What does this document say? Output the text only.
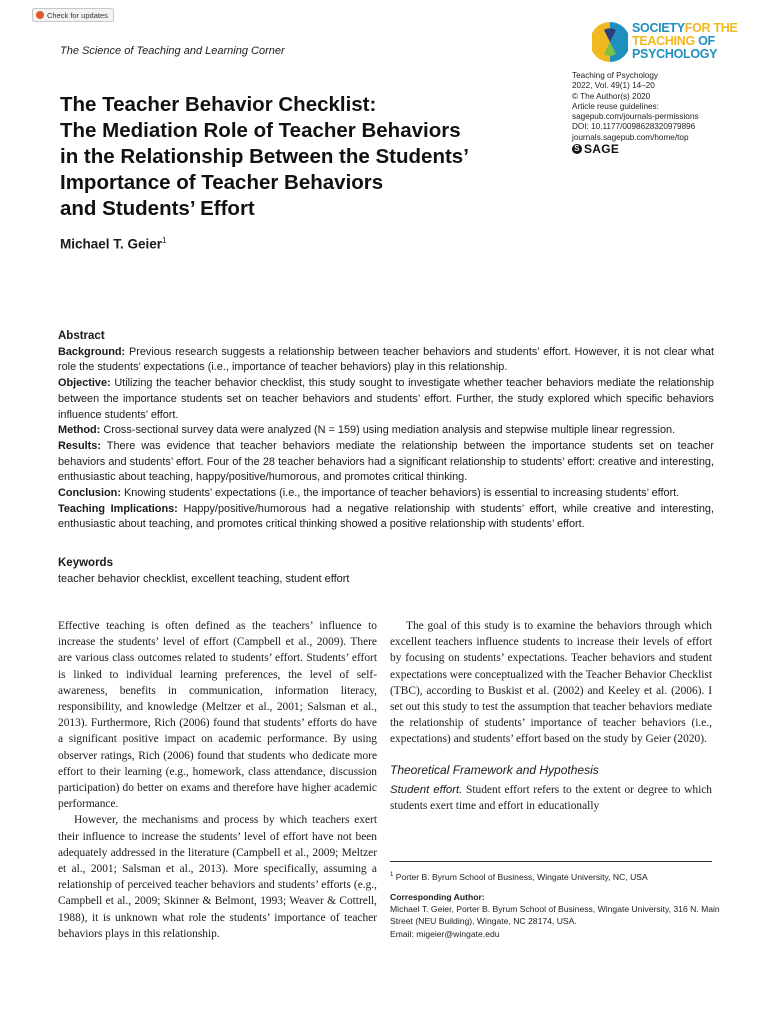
Check for updates
The Science of Teaching and Learning Corner
SOCIETYFOR THE
TEACHING OF
PSYCHOLOGY
Teaching of Psychology
2022, Vol. 49(1) 14–20
© The Author(s) 2020
Article reuse guidelines:
sagepub.com/journals-permissions
DOI: 10.1177/0098628320979896
journals.sagepub.com/home/top
S SAGE
The Teacher Behavior Checklist:
The Mediation Role of Teacher Behaviors
in the Relationship Between the Students’
Importance of Teacher Behaviors
and Students’ Effort
Michael T. Geier$^1$
Abstract

Background: Previous research suggests a relationship between teacher behaviors and students’ effort. However, it is not clear what role the students’ expectations (i.e., importance of teacher behaviors) play in this relationship.

Objective: Utilizing the teacher behavior checklist, this study sought to investigate whether teacher behaviors mediate the relationship between the importance students set on teacher behaviors and students’ effort. Further, the study explored which specific behaviors influence students’ effort.

Method: Cross-sectional survey data were analyzed (N = 159) using mediation analysis and stepwise multiple linear regression.

Results: There was evidence that teacher behaviors mediate the relationship between the importance students set on teacher behaviors and students’ effort. Four of the 28 teacher behaviors had a significant relationship to students’ effort: creative and interesting, enthusiastic about teaching, happy/positive/humorous, and promotes critical thinking.

Conclusion: Knowing students’ expectations (i.e., the importance of teacher behaviors) is essential to increasing students’ effort.

Teaching Implications: Happy/positive/humorous had a negative relationship with students’ effort, while creative and interesting, enthusiastic about teaching, and promotes critical thinking showed a positive relationship with students’ effort.

Keywords
teacher behavior checklist, excellent teaching, student effort

Effective teaching is often defined as the teachers’ influence to increase the students’ level of effort (Campbell et al., 2009). There are various class outcomes related to students’ effort. Students’ effort is linked to individual learning preferences, the level of self-awareness, benefits in communication, information literacy, responsibility, and knowledge (Meltzer et al., 2001; Salsman et al., 2013). Furthermore, Rich (2006) found that students’ efforts do have a significant positive impact on academic performance. By using observer ratings, Rich (2006) found that students who dedicate more effort to their learning (e.g., homework, class attendance, discussion participation) do better on exams and therefore have higher academic performance.

However, the mechanisms and process by which teachers exert their influence to increase the students’ level of effort have not been adequately addressed in the literature (Campbell et al., 2009; Meltzer et al., 2001; Salsman et al., 2013). More specifically, assuming a relationship of perceived teacher behaviors and students’ efforts (e.g., Campbell et al., 2009; Skinner & Belmont, 1993; Weaver & Cottrell, 1988), it is unknown what role the students’ importance of teacher behaviors plays in this relationship.

The goal of this study is to examine the behaviors through which excellent teachers influence students to increase their levels of effort by focusing on students’ expectations. Teacher behaviors and student expectations were conceptualized with the Teacher Behavior Checklist (TBC), according to Buskist et al. (2002) and Keeley et al. (2006). I set out this study to test the assumption that teacher behaviors mediate the relationship of students’ importance of teacher behaviors (i.e., expectations) and students’ effort based on the study by Geier (2020).

Theoretical Framework and Hypothesis

Student effort. Student effort refers to the extent or degree to which students exert time and effort in educationally

$^1$ Porter B. Byrum School of Business, Wingate University, NC, USA
Corresponding Author:
Michael T. Geier, Porter B. Byrum School of Business, Wingate University, 316 N. Main Street (NEU Building), Wingate, NC 28174, USA.
Email: migeier@wingate.edu
